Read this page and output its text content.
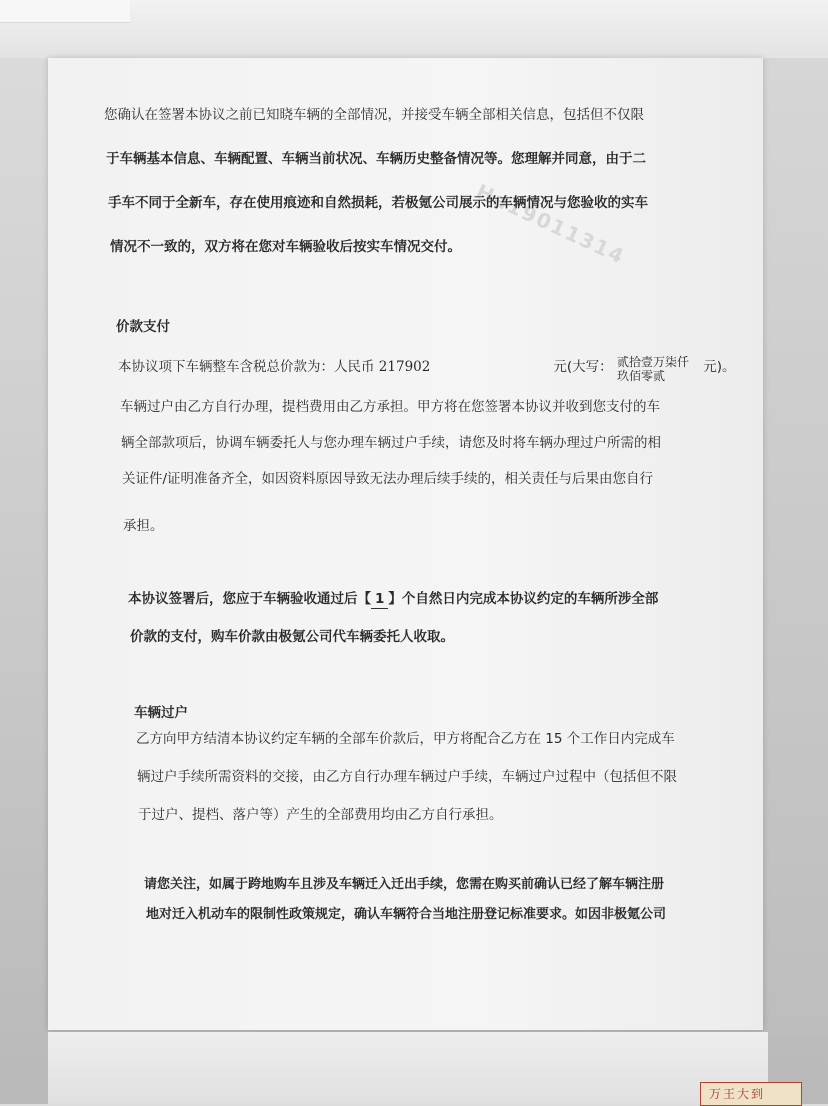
Ha19011314
您确认在签署本协议之前已知晓车辆的全部情况，并接受车辆全部相关信息，包括但不仅限
于车辆基本信息、车辆配置、车辆当前状况、车辆历史整备情况等。您理解并同意，由于二
手车不同于全新车，存在使用痕迹和自然损耗，若极氪公司展示的车辆情况与您验收的实车
情况不一致的，双方将在您对车辆验收后按实车情况交付。
价款支付
本协议项下车辆整车含税总价款为：人民币 217902	元(大写： 贰拾壹万柒仟
玖佰零贰
元)。
车辆过户由乙方自行办理，提档费用由乙方承担。甲方将在您签署本协议并收到您支付的车
辆全部款项后，协调车辆委托人与您办理车辆过户手续，请您及时将车辆办理过户所需的相
关证件/证明准备齐全，如因资料原因导致无法办理后续手续的，相关责任与后果由您自行
承担。
本协议签署后，您应于车辆验收通过后【 1 】个自然日内完成本协议约定的车辆所涉全部
价款的支付，购车价款由极氪公司代车辆委托人收取。
车辆过户
乙方向甲方结清本协议约定车辆的全部车价款后，甲方将配合乙方在 15 个工作日内完成车
辆过户手续所需资料的交接，由乙方自行办理车辆过户手续，车辆过户过程中（包括但不限
于过户、提档、落户等）产生的全部费用均由乙方自行承担。
请您关注，如属于跨地购车且涉及车辆迁入迁出手续，您需在购买前确认已经了解车辆注册
地对迁入机动车的限制性政策规定，确认车辆符合当地注册登记标准要求。如因非极氪公司
万王大到
